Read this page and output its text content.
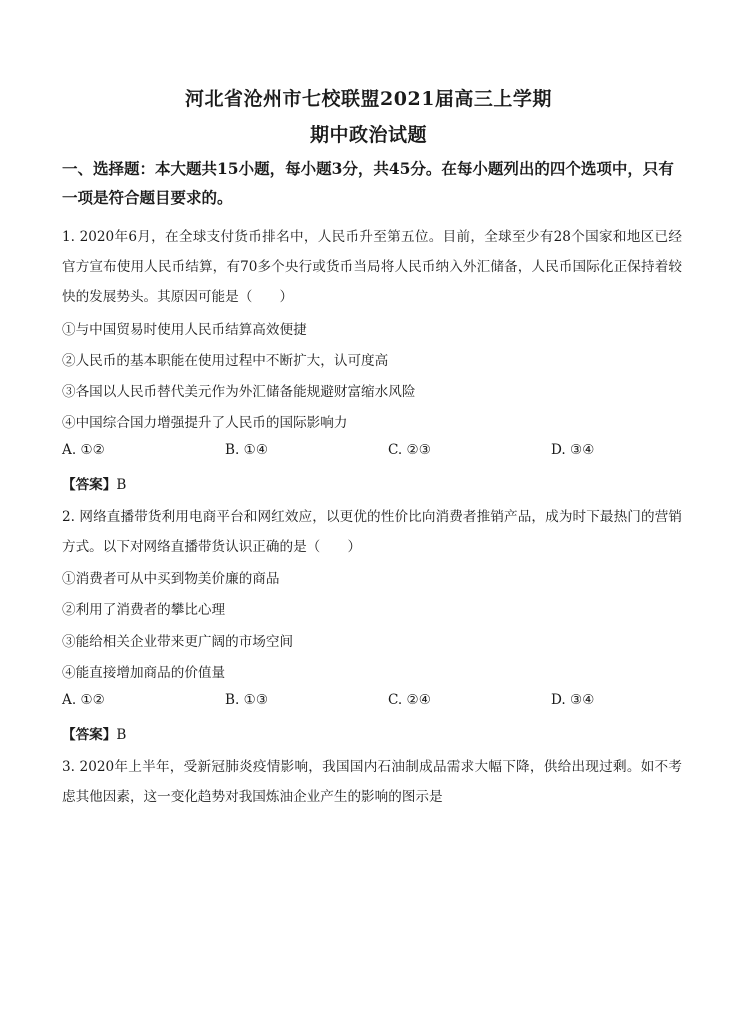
河北省沧州市七校联盟2021届高三上学期
期中政治试题

一、选择题：本大题共15小题，每小题3分，共45分。在每小题列出的四个选项中，只有一项是符合题目要求的。

1. 2020年6月，在全球支付货币排名中，人民币升至第五位。目前，全球至少有28个国家和地区已经官方宣布使用人民币结算，有70多个央行或货币当局将人民币纳入外汇储备，人民币国际化正保持着较快的发展势头。其原因可能是（　　）

①与中国贸易时使用人民币结算高效便捷

②人民币的基本职能在使用过程中不断扩大，认可度高

③各国以人民币替代美元作为外汇储备能规避财富缩水风险

④中国综合国力增强提升了人民币的国际影响力

A. ①②	B. ①④	C. ②③	D. ③④
【答案】B

2. 网络直播带货利用电商平台和网红效应，以更优的性价比向消费者推销产品，成为时下最热门的营销方式。以下对网络直播带货认识正确的是（　　）

①消费者可从中买到物美价廉的商品

②利用了消费者的攀比心理

③能给相关企业带来更广阔的市场空间

④能直接增加商品的价值量

A. ①②	B. ①③	C. ②④	D. ③④
【答案】B

3. 2020年上半年，受新冠肺炎疫情影响，我国国内石油制成品需求大幅下降，供给出现过剩。如不考虑其他因素，这一变化趋势对我国炼油企业产生的影响的图示是
